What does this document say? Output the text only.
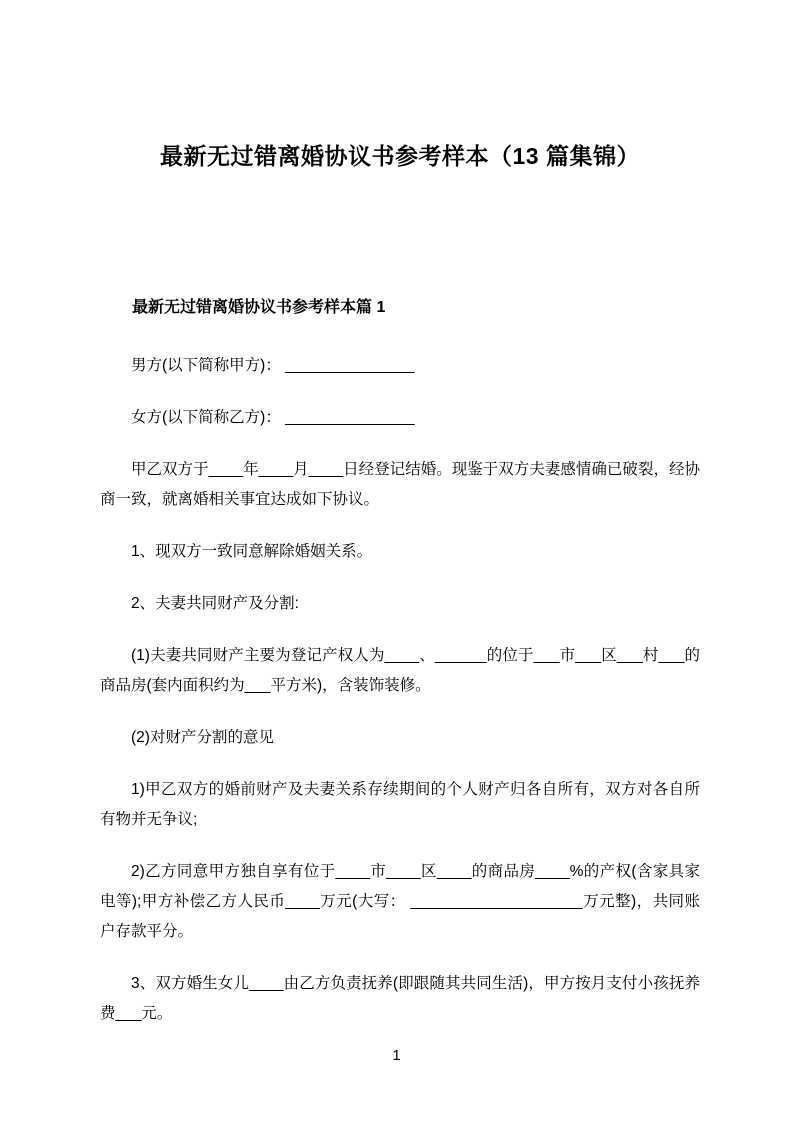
最新无过错离婚协议书参考样本（13 篇集锦）
最新无过错离婚协议书参考样本篇 1

男方(以下简称甲方)： _______________

女方(以下简称乙方)： _______________

甲乙双方于____年____月____日经登记结婚。现鉴于双方夫妻感情确已破裂，经协商一致，就离婚相关事宜达成如下协议。

1、现双方一致同意解除婚姻关系。

2、夫妻共同财产及分割:

(1)夫妻共同财产主要为登记产权人为____、______的位于___市___区___村___的商品房(套内面积约为___平方米)，含装饰装修。

(2)对财产分割的意见

1)甲乙双方的婚前财产及夫妻关系存续期间的个人财产归各自所有，双方对各自所有物并无争议;

2)乙方同意甲方独自享有位于____市____区____的商品房____%的产权(含家具家电等);甲方补偿乙方人民币____万元(大写： ____________________万元整)，共同账户存款平分。

3、双方婚生女儿____由乙方负责抚养(即跟随其共同生活)，甲方按月支付小孩抚养费___元。

1
